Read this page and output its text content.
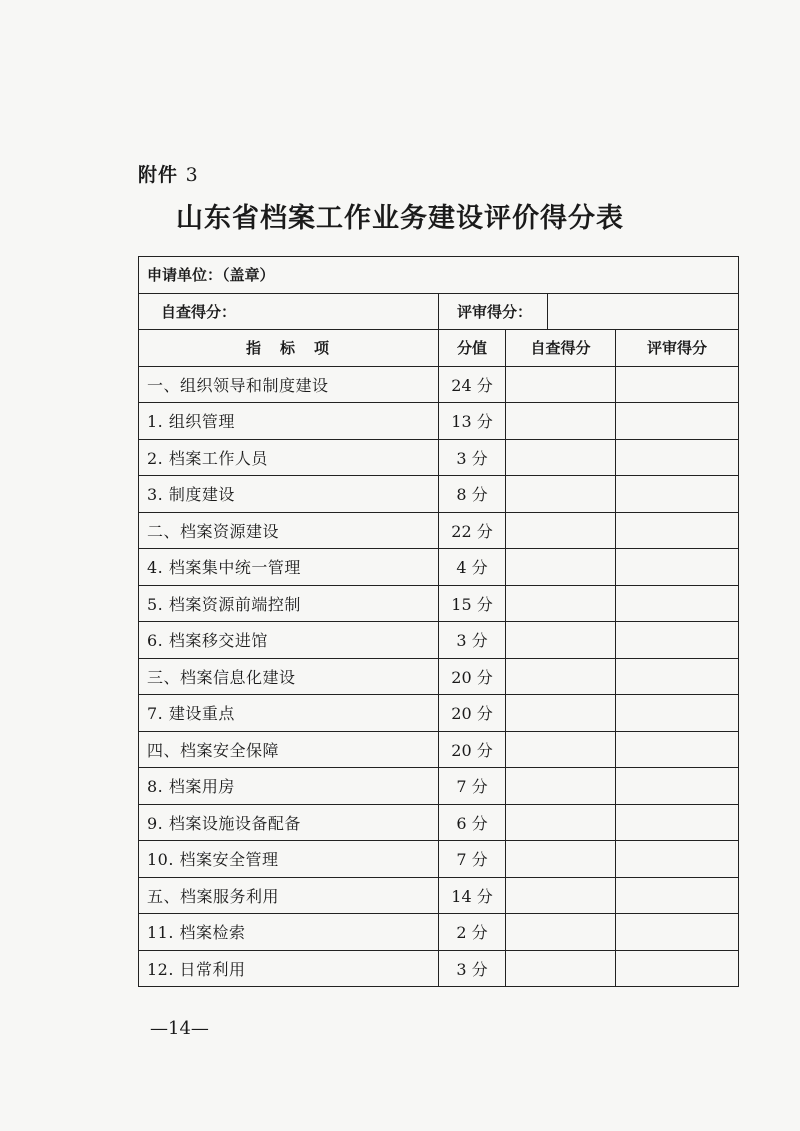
附件 3
山东省档案工作业务建设评价得分表
申请单位：（盖章）				
自查得分：	评审得分：			
指　标　项	分值	自查得分		评审得分
一、组织领导和制度建设	24 分			
1. 组织管理	13 分			
2. 档案工作人员	3 分			
3. 制度建设	8 分			
二、档案资源建设	22 分			
4. 档案集中统一管理	4 分			
5. 档案资源前端控制	15 分			
6. 档案移交进馆	3 分			
三、档案信息化建设	20 分			
7. 建设重点	20 分			
四、档案安全保障	20 分			
8. 档案用房	7 分			
9. 档案设施设备配备	6 分			
10. 档案安全管理	7 分			
五、档案服务利用	14 分			
11. 档案检索	2 分			
12. 日常利用	3 分			
—14—
